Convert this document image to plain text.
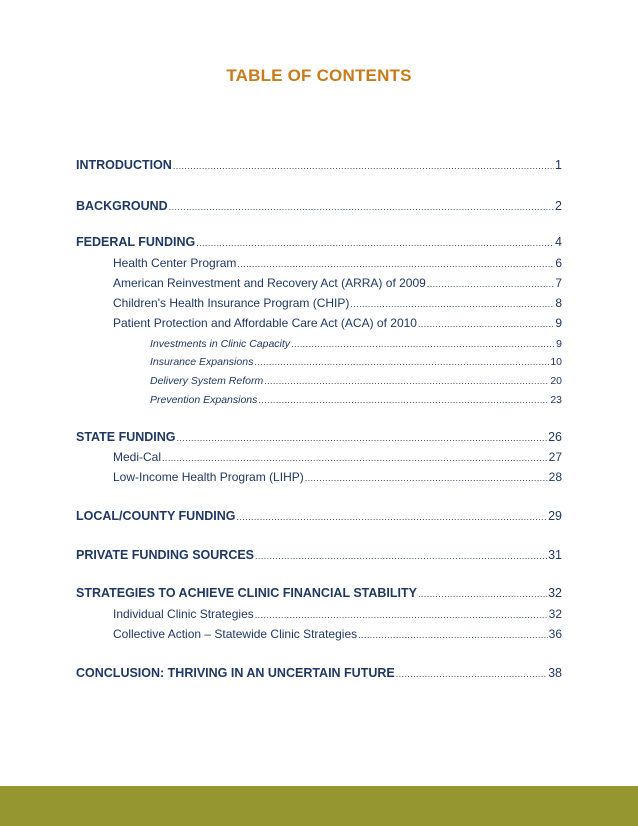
TABLE OF CONTENTS
INTRODUCTION .....	1
BACKGROUND .....	2
FEDERAL FUNDING .....	4
Health Center Program .....	6
American Reinvestment and Recovery Act (ARRA) of 2009 .....	7
Children's Health Insurance Program (CHIP) .....	8
Patient Protection and Affordable Care Act (ACA) of 2010 .....	9
Investments in Clinic Capacity .....	9
Insurance Expansions .....	10
Delivery System Reform .....	20
Prevention Expansions .....	23
STATE FUNDING .....	26
Medi-Cal .....	27
Low-Income Health Program (LIHP) .....	28
LOCAL/COUNTY FUNDING .....	29
PRIVATE FUNDING SOURCES .....	31
STRATEGIES TO ACHIEVE CLINIC FINANCIAL STABILITY .....	32
Individual Clinic Strategies .....	32
Collective Action – Statewide Clinic Strategies .....	36
CONCLUSION: THRIVING IN AN UNCERTAIN FUTURE .....	38
